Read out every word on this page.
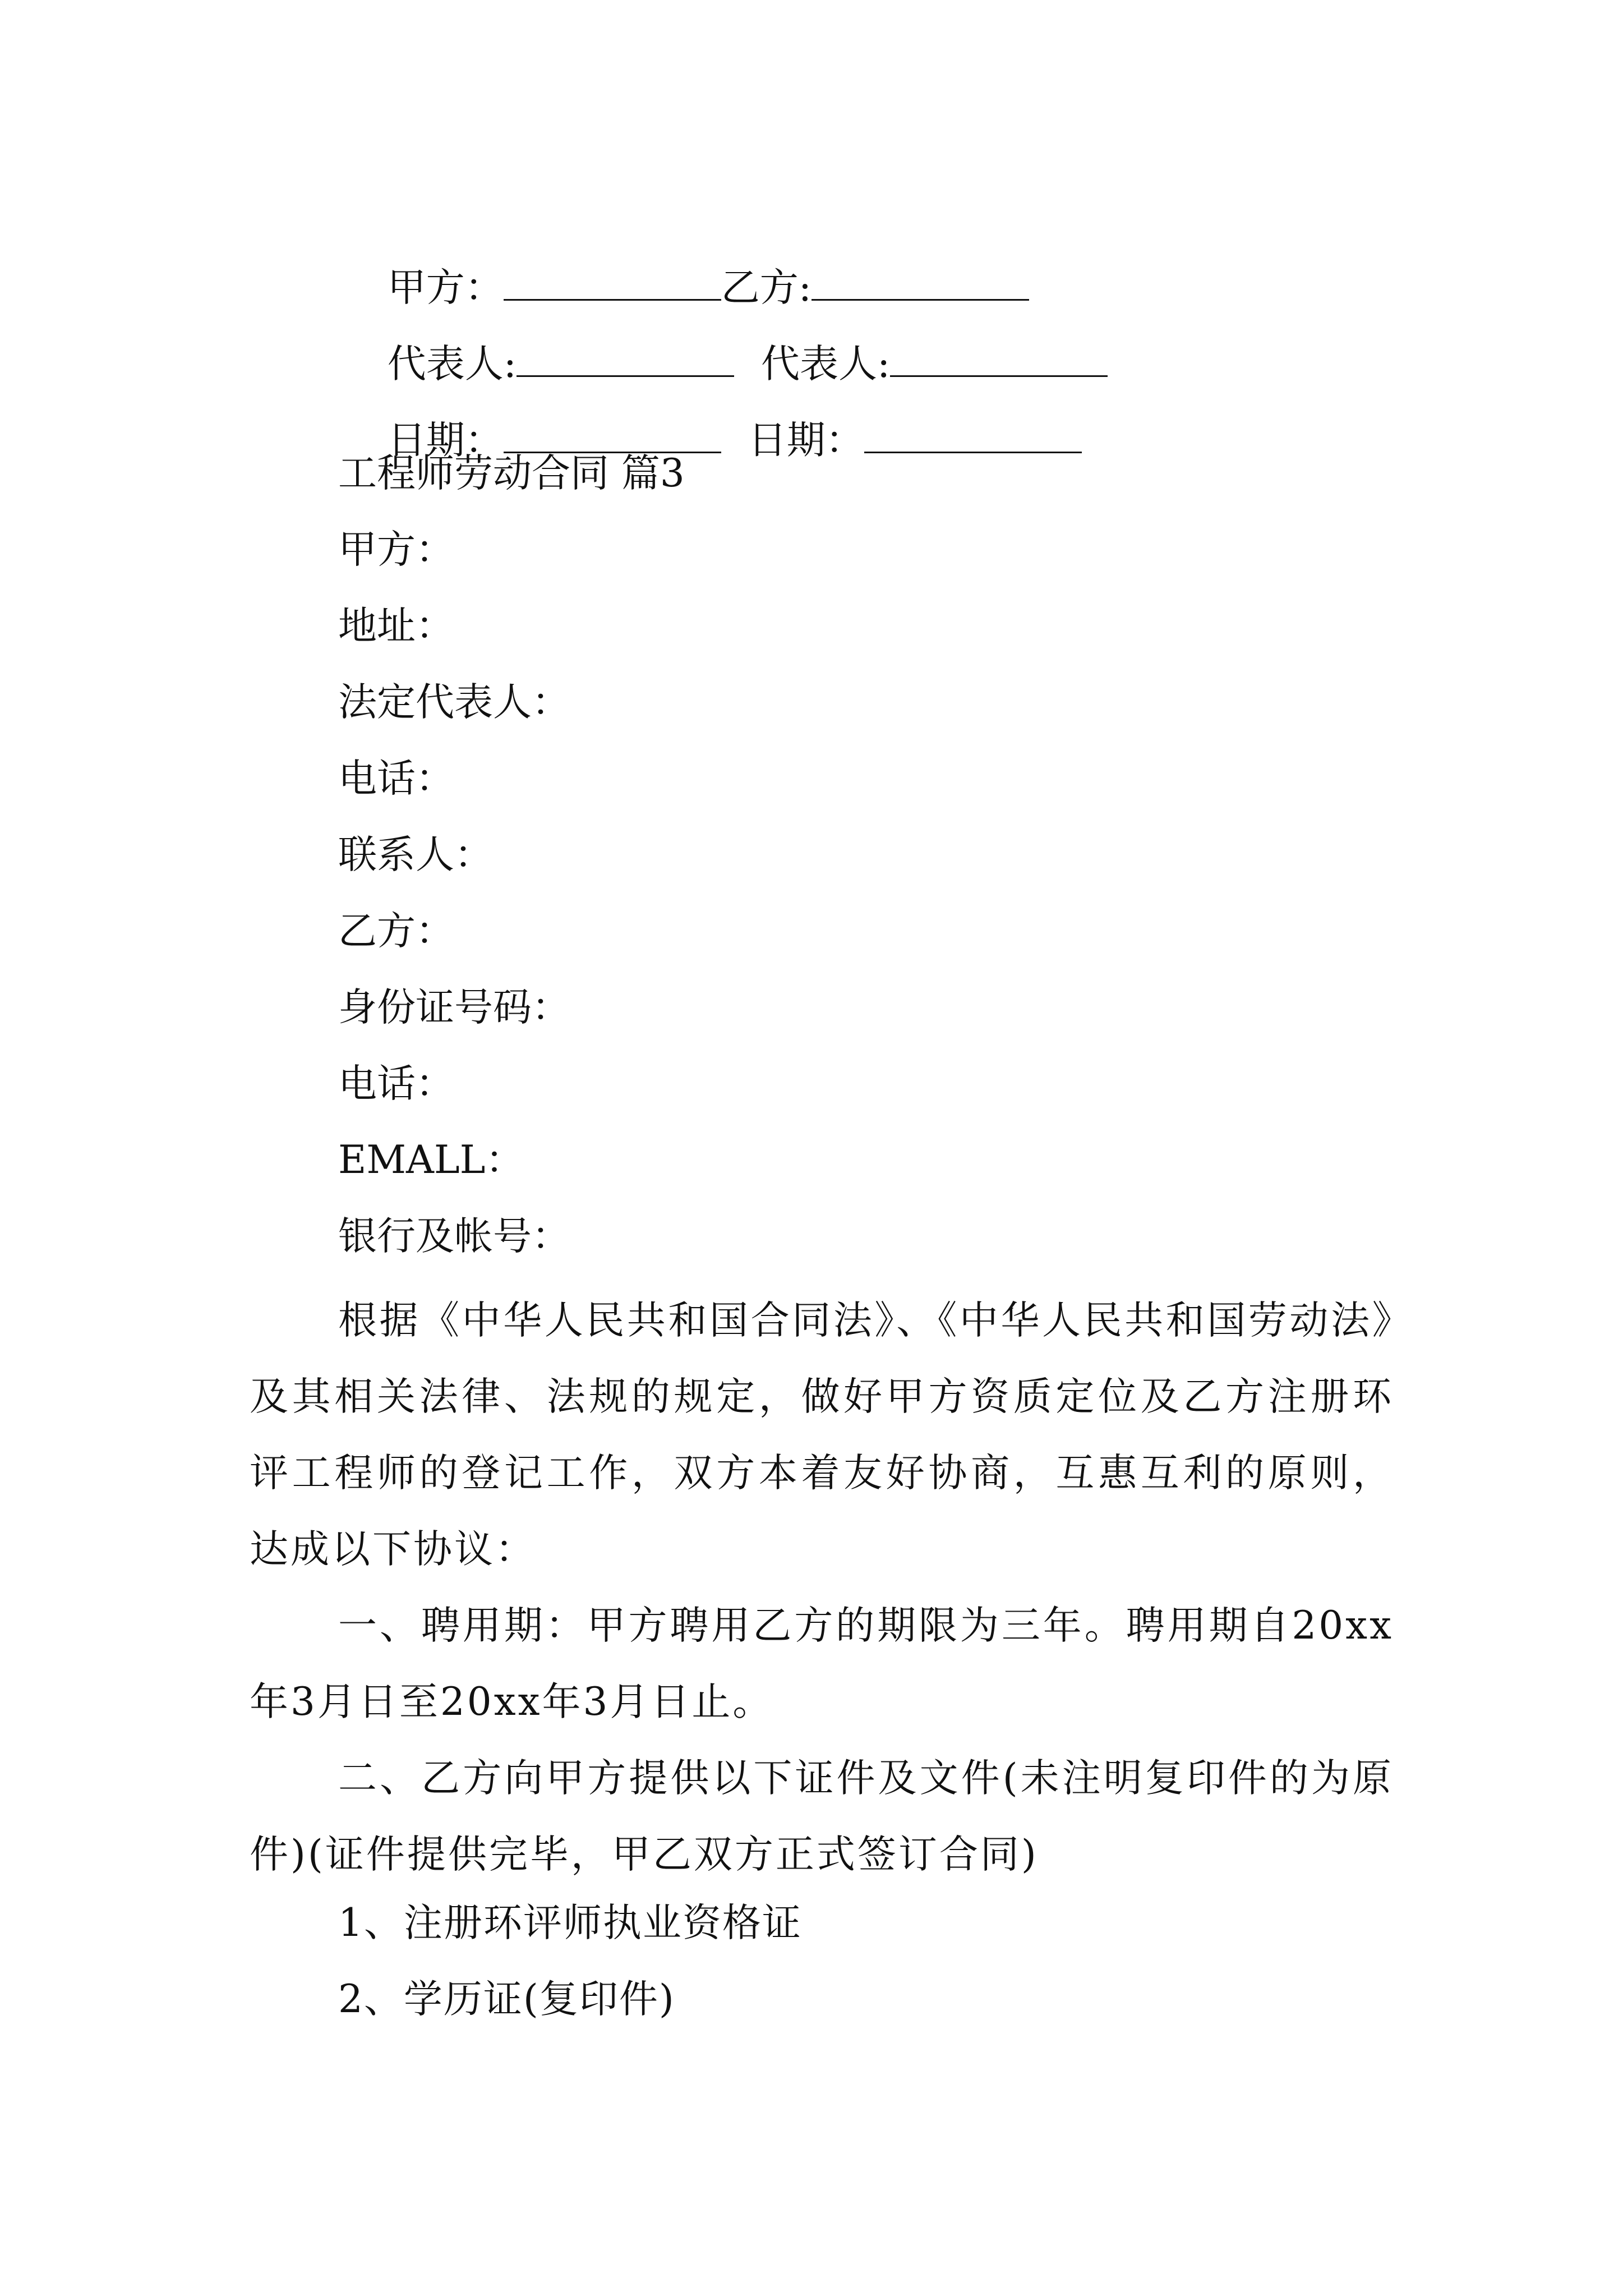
甲方：	乙方:

代表人:	代表人:

日期：	日期：

工程师劳动合同 篇3
甲方：
地址：
法定代表人：
电话：
联系人：
乙方：
身份证号码：
电话：
EMALL：
银行及帐号：
根据《中华人民共和国合同法》、《中华人民共和国劳动法》及其相关法律、法规的规定，做好甲方资质定位及乙方注册环评工程师的登记工作，双方本着友好协商，互惠互利的原则，达成以下协议：
一、聘用期：甲方聘用乙方的期限为三年。聘用期自20xx年3月日至20xx年3月日止。
二、乙方向甲方提供以下证件及文件(未注明复印件的为原件)(证件提供完毕，甲乙双方正式签订合同)
1、注册环评师执业资格证
2、学历证(复印件)
